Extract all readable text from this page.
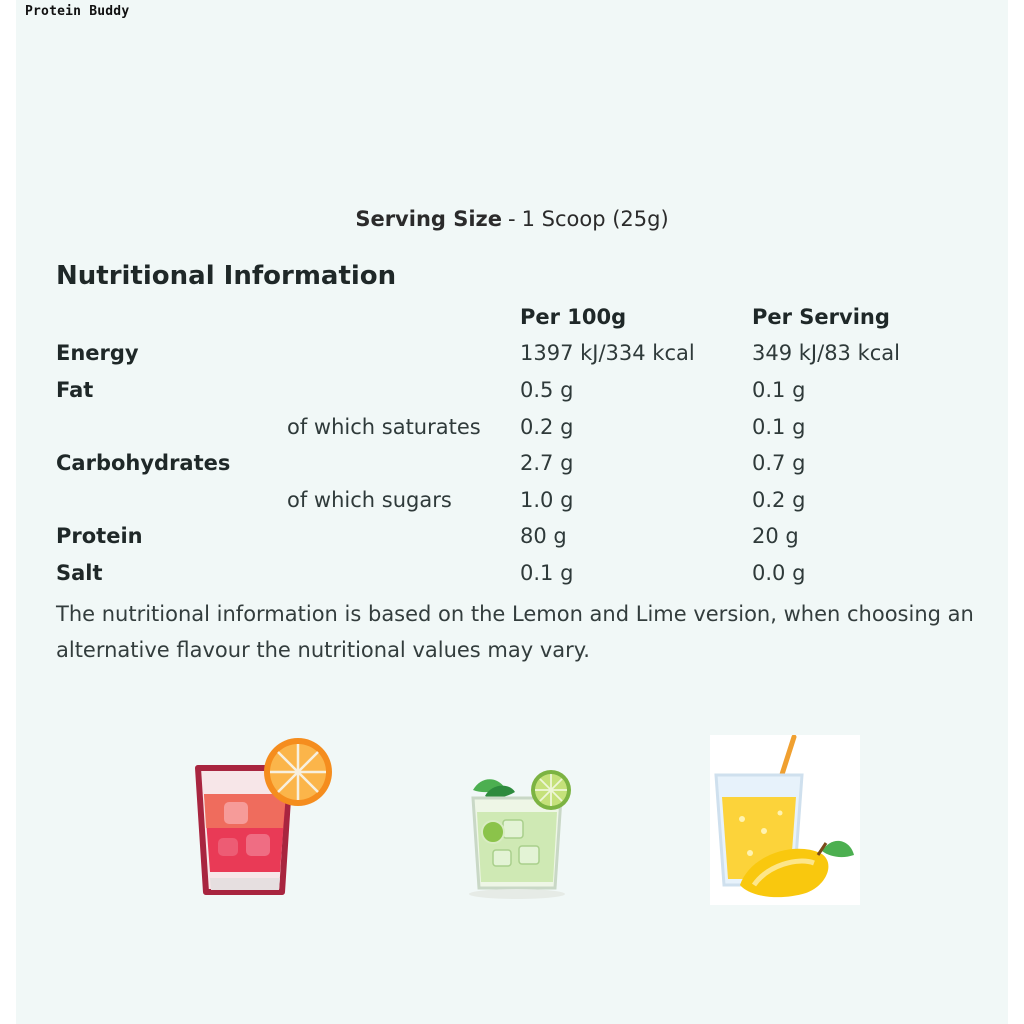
Protein Buddy
Serving Size - 1 Scoop (25g)
Nutritional Information
Per 100g	Per Serving
Energy	1397 kJ/334 kcal	349 kJ/83 kcal
Fat	0.5 g	0.1 g
of which saturates 0.2 g	0.1 g
Carbohydrates	2.7 g	0.7 g
of which sugars	1.0 g	0.2 g
Protein	80 g	20 g
Salt	0.1 g	0.0 g
The nutritional information is based on the Lemon and Lime version, when choosing an alternative flavour the nutritional values may vary.
